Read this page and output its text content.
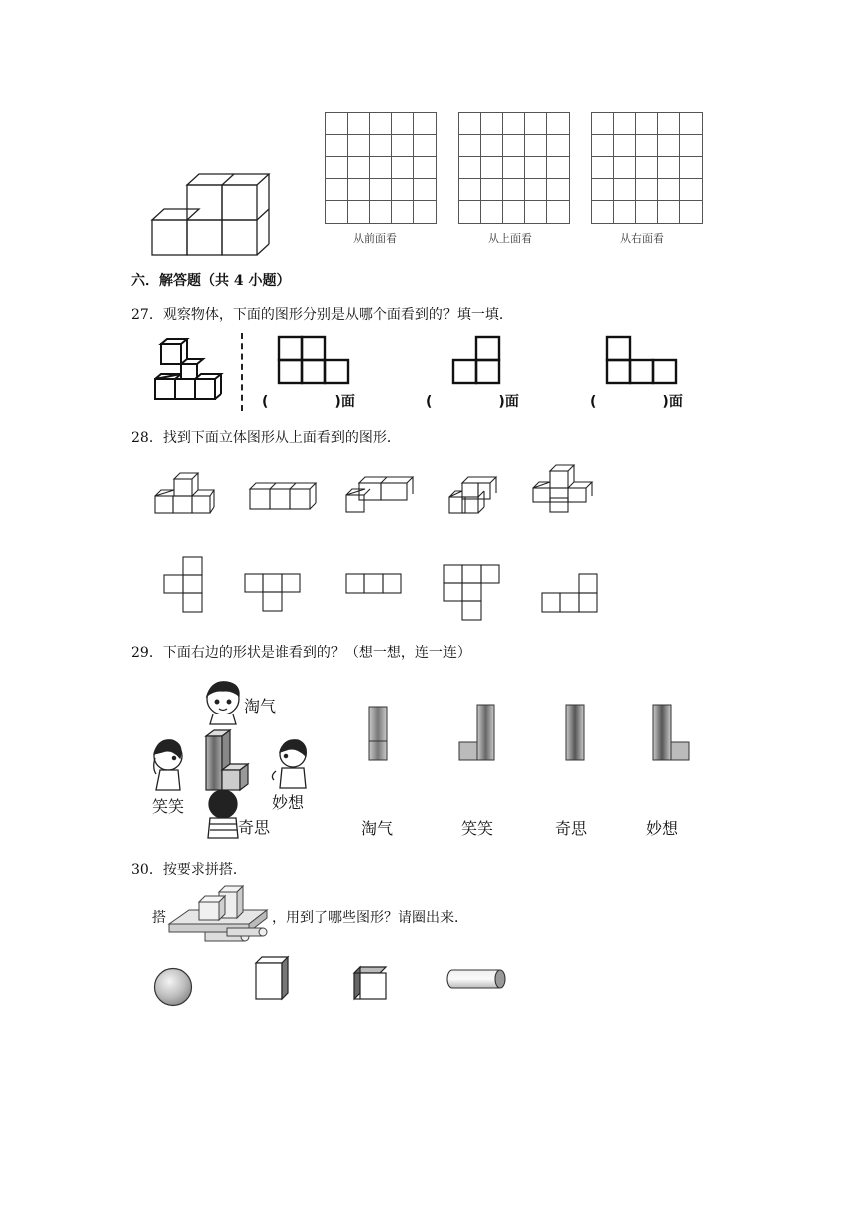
从前面看	从上面看	从右面看
六．解答题（共 4 小题）
27．观察物体，下面的图形分别是从哪个面看到的？填一填．
(	)面	(	)面	(	)面
28．找到下面立体图形从上面看到的图形．
29．下面右边的形状是谁看到的？（想一想，连一连）
淘气
笑笑	妙想
奇思	淘气	笑笑	奇思	妙想
30．按要求拼搭．
搭	，用到了哪些图形？请圈出来．
